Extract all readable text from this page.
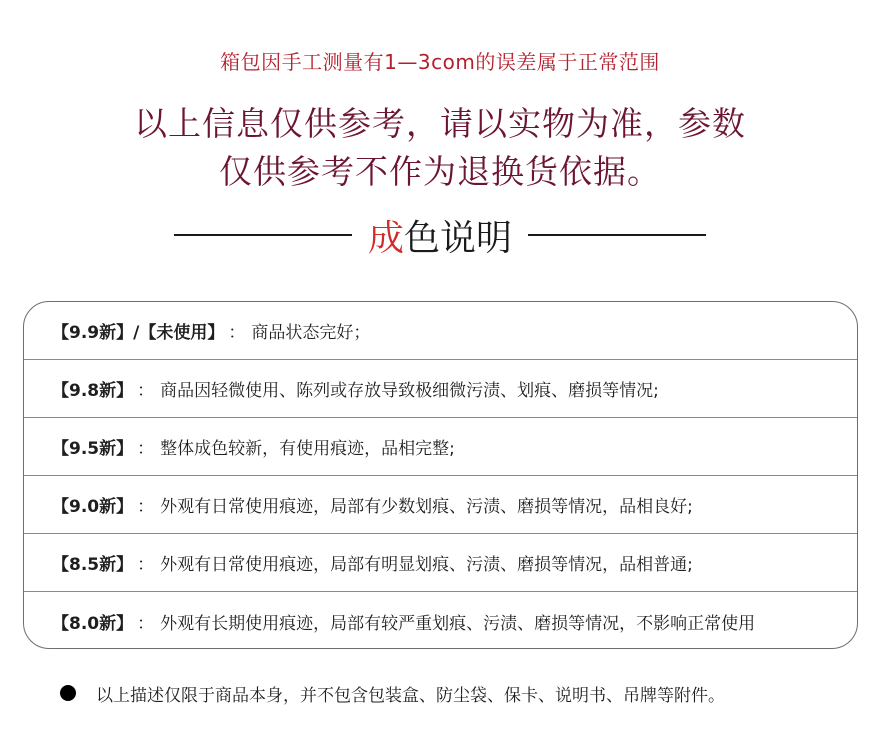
箱包因手工测量有1—3com的误差属于正常范围
以上信息仅供参考，请以实物为准，参数
仅供参考不作为退换货依据。
成色说明
【9.9新】/【未使用】 ： 商品状态完好；
【9.8新】 ： 商品因轻微使用、陈列或存放导致极细微污渍、划痕、磨损等情况;
【9.5新】 ： 整体成色较新，有使用痕迹，品相完整;
【9.0新】 ： 外观有日常使用痕迹，局部有少数划痕、污渍、磨损等情况，品相良好;
【8.5新】 ： 外观有日常使用痕迹，局部有明显划痕、污渍、磨损等情况，品相普通;
【8.0新】 ： 外观有长期使用痕迹，局部有较严重划痕、污渍、磨损等情况，不影响正常使用
以上描述仅限于商品本身，并不包含包装盒、防尘袋、保卡、说明书、吊牌等附件。
